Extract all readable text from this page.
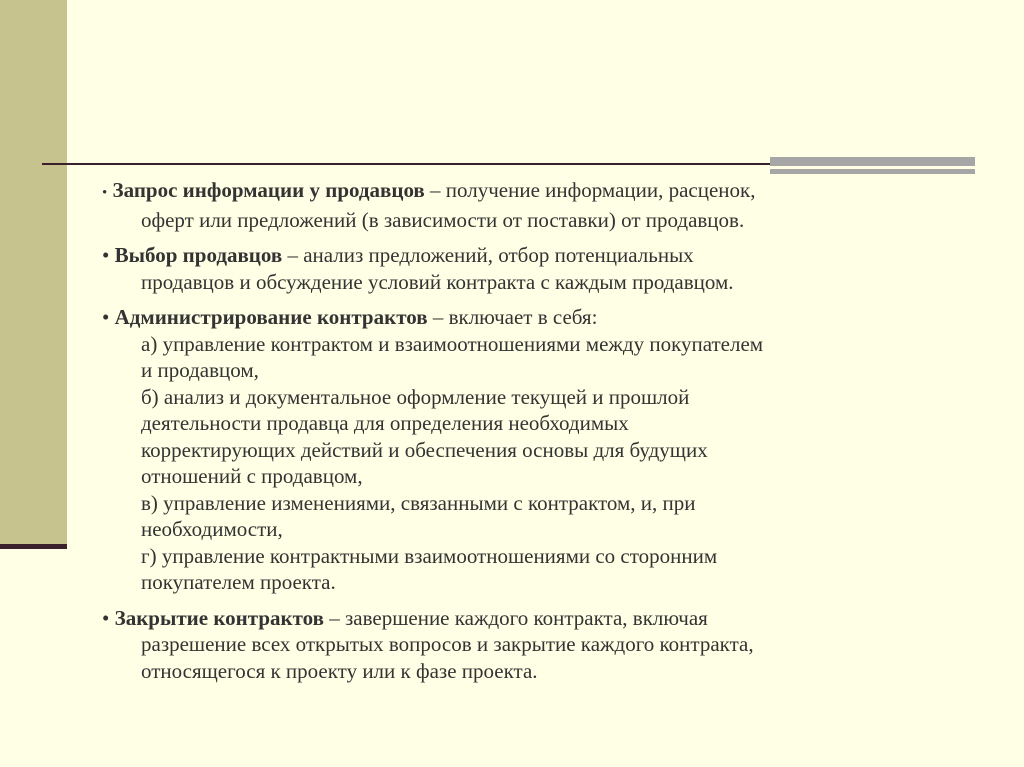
• Запрос информации у продавцов – получение информации, расценок,
оферт или предложений (в зависимости от поставки) от продавцов.
• Выбор продавцов – анализ предложений, отбор потенциальных
продавцов и обсуждение условий контракта с каждым продавцом.
• Администрирование контрактов – включает в себя:
а) управление контрактом и взаимоотношениями между покупателем
и продавцом,
б) анализ и документальное оформление текущей и прошлой
деятельности продавца для определения необходимых
корректирующих действий и обеспечения основы для будущих
отношений с продавцом,
в) управление изменениями, связанными с контрактом, и, при
необходимости,
г) управление контрактными взаимоотношениями со сторонним
покупателем проекта.
• Закрытие контрактов – завершение каждого контракта, включая
разрешение всех открытых вопросов и закрытие каждого контракта,
относящегося к проекту или к фазе проекта.
